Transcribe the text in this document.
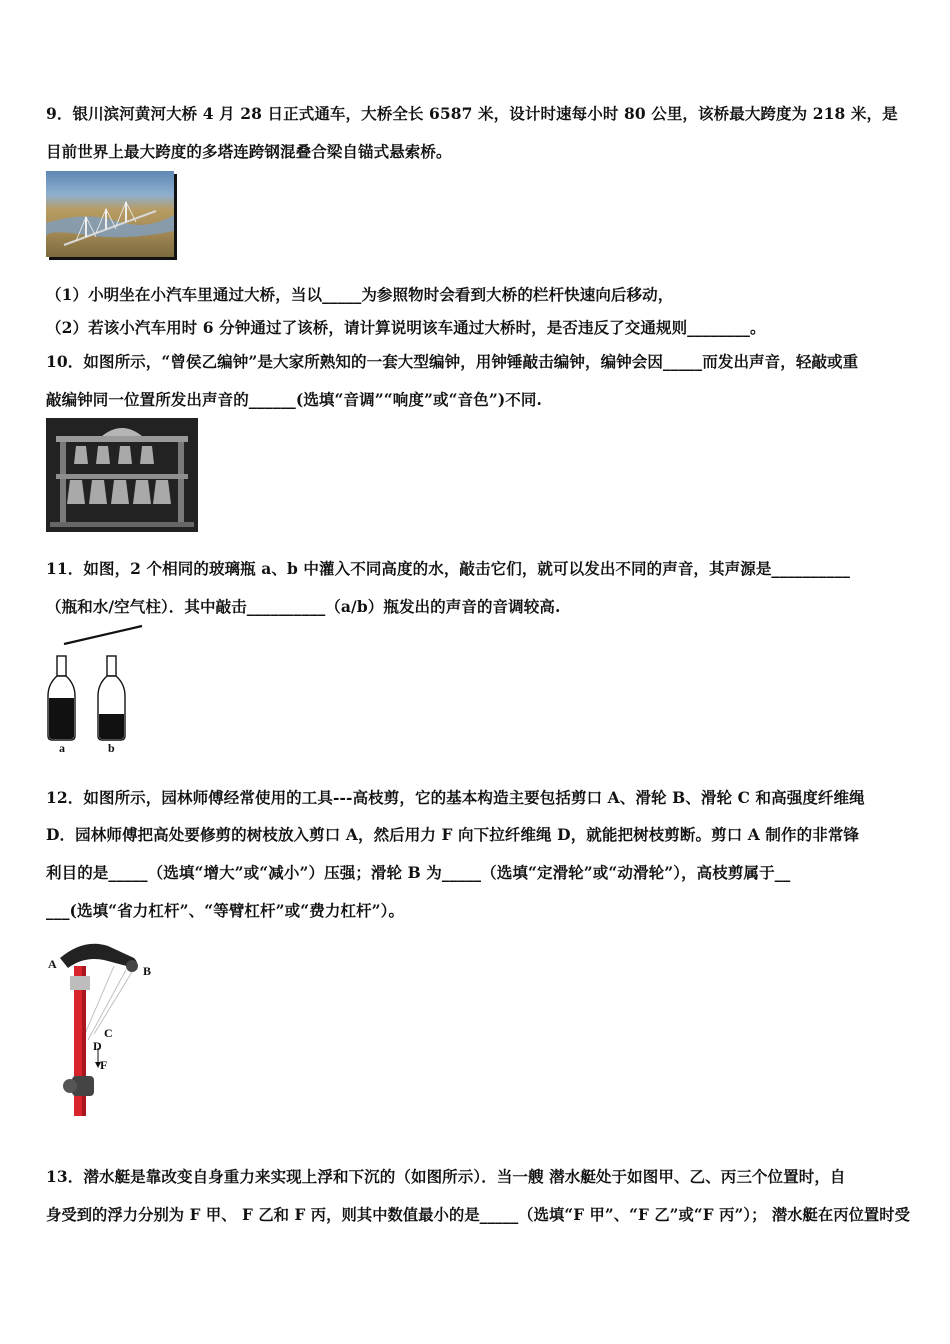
9．银川滨河黄河大桥 4 月 28 日正式通车，大桥全长 6587 米，设计时速每小时 80 公里，该桥最大跨度为 218 米，是
目前世界上最大跨度的多塔连跨钢混叠合梁自锚式悬索桥。
（1）小明坐在小汽车里通过大桥，当以_____为参照物时会看到大桥的栏杆快速向后移动，
（2）若该小汽车用时 6 分钟通过了该桥，请计算说明该车通过大桥时，是否违反了交通规则________。
10．如图所示，“曾侯乙编钟”是大家所熟知的一套大型编钟，用钟锤敲击编钟，编钟会因_____而发出声音，轻敲或重
敲编钟同一位置所发出声音的______(选填“音调”“响度”或“音色”)不同.
11．如图，2 个相同的玻璃瓶 a、b 中灌入不同高度的水，敲击它们，就可以发出不同的声音，其声源是__________
（瓶和水/空气柱）．其中敲击__________（a/b）瓶发出的声音的音调较高.
a	b
12．如图所示，园林师傅经常使用的工具---高枝剪，它的基本构造主要包括剪口 A、滑轮 B、滑轮 C 和高强度纤维绳
D．园林师傅把高处要修剪的树枝放入剪口 A，然后用力 F 向下拉纤维绳 D，就能把树枝剪断。剪口 A 制作的非常锋
利目的是_____（选填“增大”或“减小”）压强；滑轮 B 为_____（选填“定滑轮”或“动滑轮”），高枝剪属于__
___(选填“省力杠杆”、“等臂杠杆”或“费力杠杆”）。
A	B
C
D
F
13．潜水艇是靠改变自身重力来实现上浮和下沉的（如图所示）．当一艘 潜水艇处于如图甲、乙、丙三个位置时，自
身受到的浮力分别为 F 甲、 F 乙和 F 丙，则其中数值最小的是_____（选填“F 甲”、“F 乙”或“F 丙”）； 潜水艇在丙位置时受
